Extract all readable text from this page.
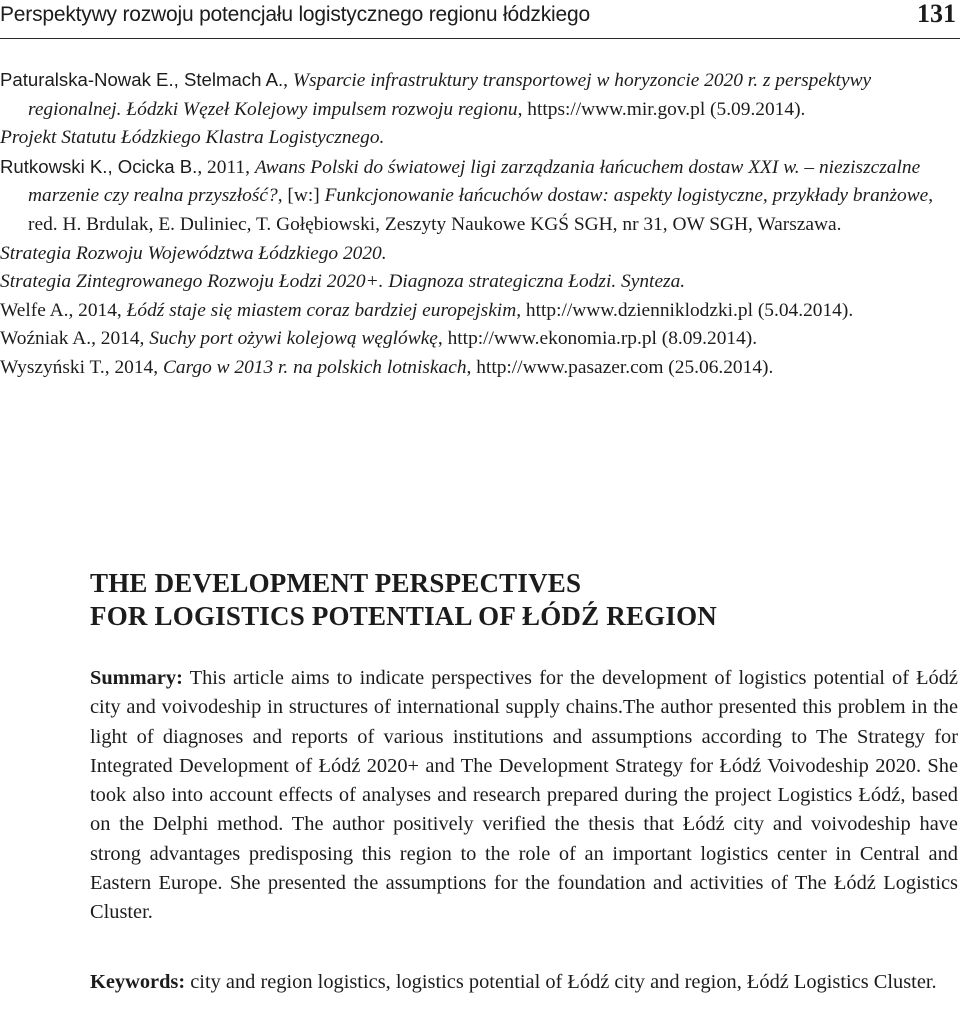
Perspektywy rozwoju potencjału logistycznego regionu łódzkiego	131

Paturalska-Nowak E., Stelmach A., Wsparcie infrastruktury transportowej w horyzoncie 2020 r. z perspektywy regionalnej. Łódzki Węzeł Kolejowy impulsem rozwoju regionu, https://www.mir.gov.pl (5.09.2014).

Projekt Statutu Łódzkiego Klastra Logistycznego.

Rutkowski K., Ocicka B., 2011, Awans Polski do światowej ligi zarządzania łańcuchem dostaw XXI w. – nieziszczalne marzenie czy realna przyszłość?, [w:] Funkcjonowanie łańcuchów dostaw: aspekty logistyczne, przykłady branżowe, red. H. Brdulak, E. Duliniec, T. Gołębiowski, Zeszyty Naukowe KGŚ SGH, nr 31, OW SGH, Warszawa.

Strategia Rozwoju Województwa Łódzkiego 2020.

Strategia Zintegrowanego Rozwoju Łodzi 2020+. Diagnoza strategiczna Łodzi. Synteza.

Welfe A., 2014, Łódź staje się miastem coraz bardziej europejskim, http://www.dzienniklodzki.pl (5.04.2014).

Woźniak A., 2014, Suchy port ożywi kolejową węglówkę, http://www.ekonomia.rp.pl (8.09.2014).

Wyszyński T., 2014, Cargo w 2013 r. na polskich lotniskach, http://www.pasazer.com (25.06.2014).

THE DEVELOPMENT PERSPECTIVES
FOR LOGISTICS POTENTIAL OF ŁÓDŹ REGION

Summary: This article aims to indicate perspectives for the development of logistics potential of Łódź city and voivodeship in structures of international supply chains.The author presented this problem in the light of diagnoses and reports of various institutions and assumptions according to The Strategy for Integrated Development of Łódź 2020+ and The Development Strategy for Łódź Voivodeship 2020. She took also into account effects of analyses and research prepared during the project Logistics Łódź, based on the Delphi method. The author positively verified the thesis that Łódź city and voivodeship have strong advantages predisposing this region to the role of an important logistics center in Central and Eastern Europe. She presented the assumptions for the foundation and activities of The Łódź Logistics Cluster.

Keywords: city and region logistics, logistics potential of Łódź city and region, Łódź Logistics Cluster.
